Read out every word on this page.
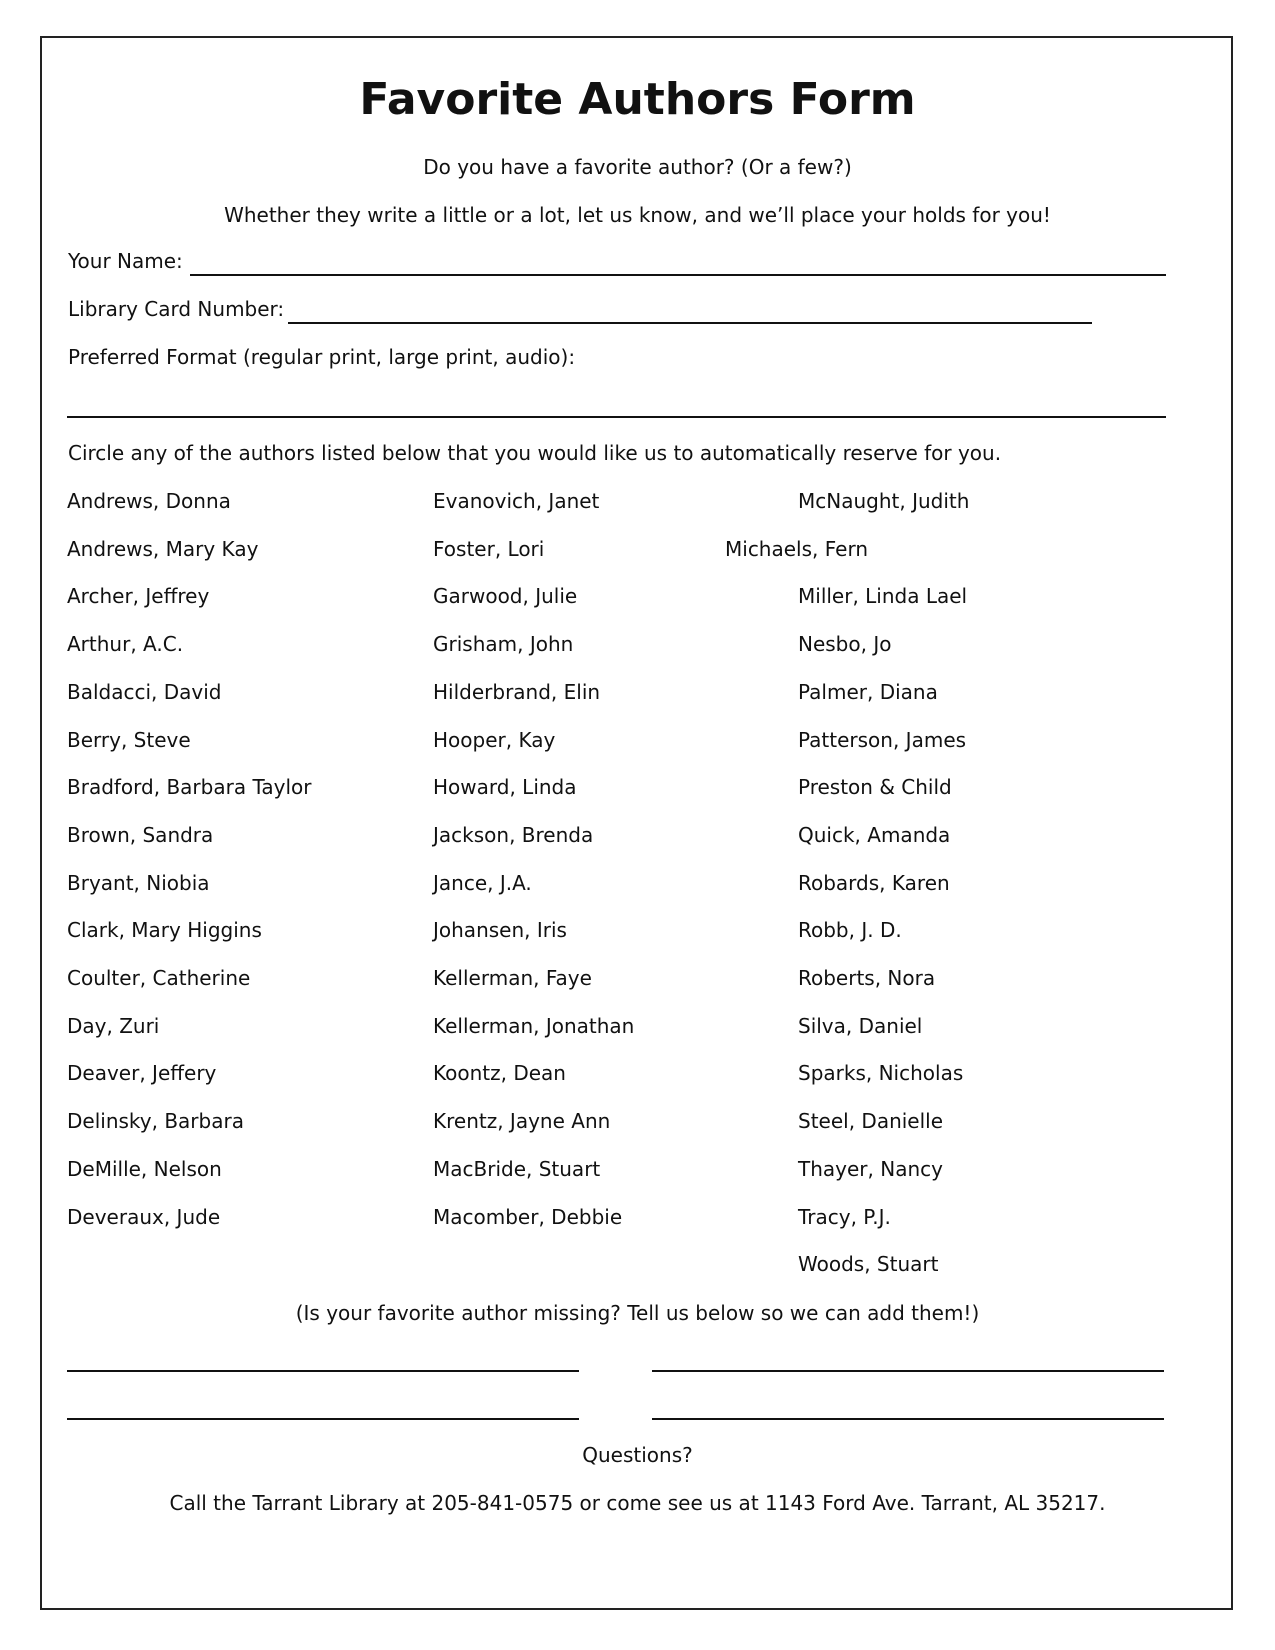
Favorite Authors Form
Do you have a favorite author? (Or a few?)
Whether they write a little or a lot, let us know, and we’ll place your holds for you!
Your Name:
Library Card Number:
Preferred Format (regular print, large print, audio):
Circle any of the authors listed below that you would like us to automatically reserve for you.
Andrews, Donna
Andrews, Mary Kay
Archer, Jeffrey
Arthur, A.C.
Baldacci, David
Berry, Steve
Bradford, Barbara Taylor
Brown, Sandra
Bryant, Niobia
Clark, Mary Higgins
Coulter, Catherine
Day, Zuri
Deaver, Jeffery
Delinsky, Barbara
DeMille, Nelson
Deveraux, Jude
Evanovich, Janet
Foster, Lori
Garwood, Julie
Grisham, John
Hilderbrand, Elin
Hooper, Kay
Howard, Linda
Jackson, Brenda
Jance, J.A.
Johansen, Iris
Kellerman, Faye
Kellerman, Jonathan
Koontz, Dean
Krentz, Jayne Ann
MacBride, Stuart
Macomber, Debbie
McNaught, Judith
Michaels, Fern
Miller, Linda Lael
Nesbo, Jo
Palmer, Diana
Patterson, James
Preston & Child
Quick, Amanda
Robards, Karen
Robb, J. D.
Roberts, Nora
Silva, Daniel
Sparks, Nicholas
Steel, Danielle
Thayer, Nancy
Tracy, P.J.
Woods, Stuart
(Is your favorite author missing? Tell us below so we can add them!)
Questions?
Call the Tarrant Library at 205-841-0575 or come see us at 1143 Ford Ave. Tarrant, AL 35217.
